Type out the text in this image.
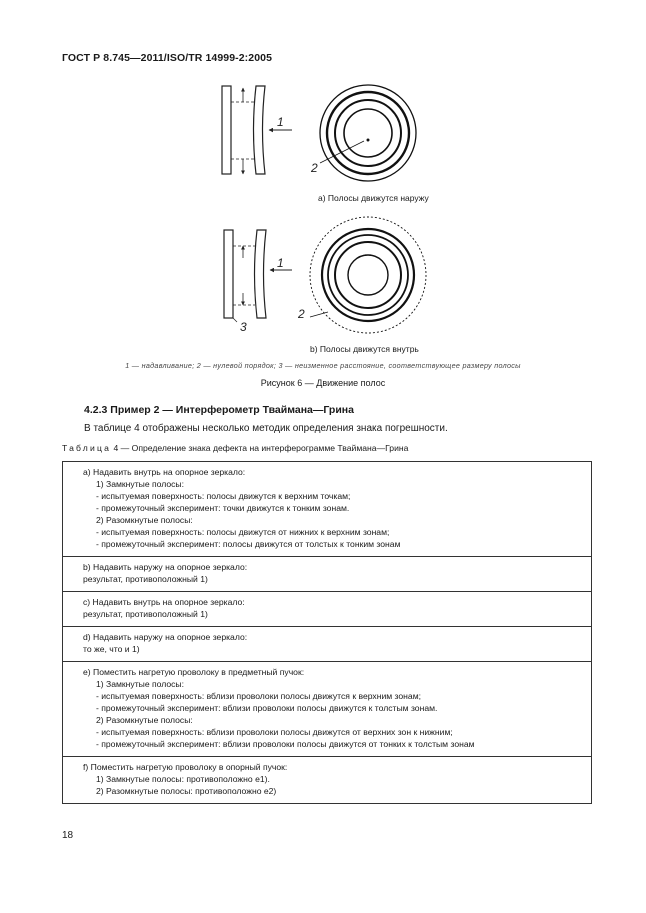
ГОСТ Р 8.745—2011/ISO/TR 14999-2:2005
1
2
1
2
3
а) Полосы движутся наружу
b) Полосы движутся внутрь
1 — надавливание; 2 — нулевой порядок; 3 — неизменное расстояние, соответствующее размеру полосы
Рисунок 6 — Движение полос
4.2.3 Пример 2 — Интерферометр Тваймана—Грина
В таблице 4 отображены несколько методик определения знака погрешности.
Таблица 4 — Определение знака дефекта на интерферограмме Тваймана—Грина
a) Надавить внутрь на опорное зеркало:
1) Замкнутые полосы:
- испытуемая поверхность: полосы движутся к верхним точкам;
- промежуточный эксперимент: точки движутся к тонким зонам.
2) Разомкнутые полосы:
- испытуемая поверхность: полосы движутся от нижних к верхним зонам;
- промежуточный эксперимент: полосы движутся от толстых к тонким зонам

b) Надавить наружу на опорное зеркало:
результат, противоположный 1)

c) Надавить внутрь на опорное зеркало:
результат, противоположный 1)

d) Надавить наружу на опорное зеркало:
то же, что и 1)

e) Поместить нагретую проволоку в предметный пучок:
1) Замкнутые полосы:
- испытуемая поверхность: вблизи проволоки полосы движутся к верхним зонам;
- промежуточный эксперимент: вблизи проволоки полосы движутся к толстым зонам.
2) Разомкнутые полосы:
- испытуемая поверхность: вблизи проволоки полосы движутся от верхних зон к нижним;
- промежуточный эксперимент: вблизи проволоки полосы движутся от тонких к толстым зонам

f) Поместить нагретую проволоку в опорный пучок:
1) Замкнутые полосы: противоположно e1).
2) Разомкнутые полосы: противоположно e2)
18
